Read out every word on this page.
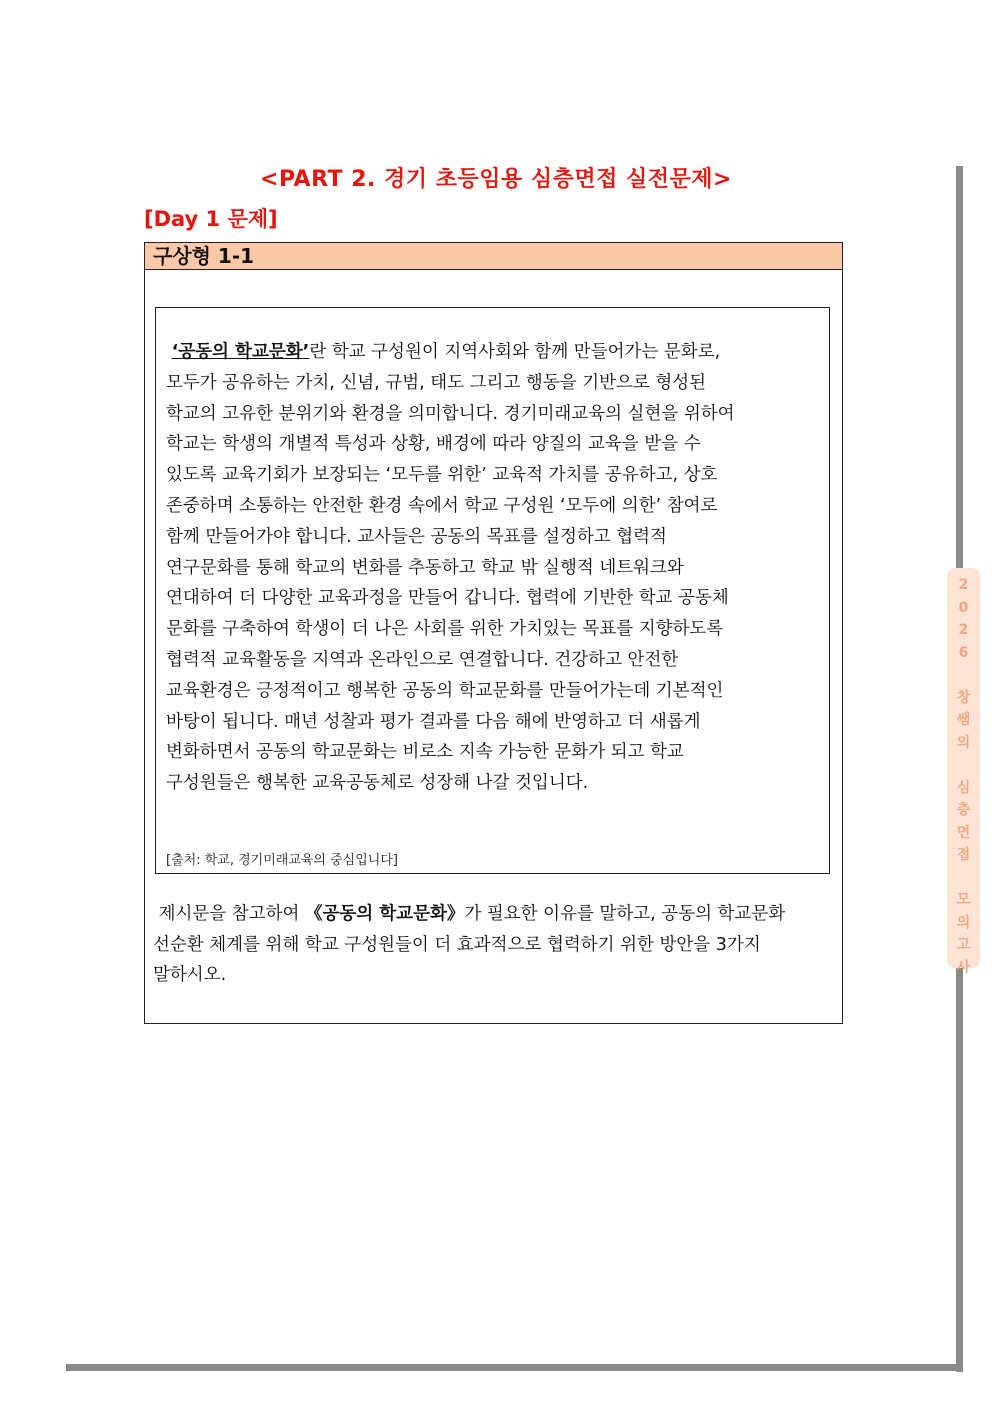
<PART 2. 경기 초등임용 심층면접 실전문제>
[Day 1 문제]
구상형 1-1
‘공동의 학교문화’란 학교 구성원이 지역사회와 함께 만들어가는 문화로,
모두가 공유하는 가치, 신념, 규범, 태도 그리고 행동을 기반으로 형성된
학교의 고유한 분위기와 환경을 의미합니다. 경기미래교육의 실현을 위하여
학교는 학생의 개별적 특성과 상황, 배경에 따라 양질의 교육을 받을 수
있도록 교육기회가 보장되는 ‘모두를 위한’ 교육적 가치를 공유하고, 상호
존중하며 소통하는 안전한 환경 속에서 학교 구성원 ‘모두에 의한’ 참여로
함께 만들어가야 합니다. 교사들은 공동의 목표를 설정하고 협력적
연구문화를 통해 학교의 변화를 추동하고 학교 밖 실행적 네트워크와
연대하여 더 다양한 교육과정을 만들어 갑니다. 협력에 기반한 학교 공동체
문화를 구축하여 학생이 더 나은 사회를 위한 가치있는 목표를 지향하도록
협력적 교육활동을 지역과 온라인으로 연결합니다. 건강하고 안전한
교육환경은 긍정적이고 행복한 공동의 학교문화를 만들어가는데 기본적인
바탕이 됩니다. 매년 성찰과 평가 결과를 다음 해에 반영하고 더 새롭게
변화하면서 공동의 학교문화는 비로소 지속 가능한 문화가 되고 학교
구성원들은 행복한 교육공동체로 성장해 나갈 것입니다.
[출처: 학교, 경기미래교육의 중심입니다]
제시문을 참고하여 《공동의 학교문화》가 필요한 이유를 말하고, 공동의 학교문화
선순환 체계를 위해 학교 구성원들이 더 효과적으로 협력하기 위한 방안을 3가지
말하시오.
2
0
2
6
창
쌤
의
심
층
면
접
모
의
고
사
